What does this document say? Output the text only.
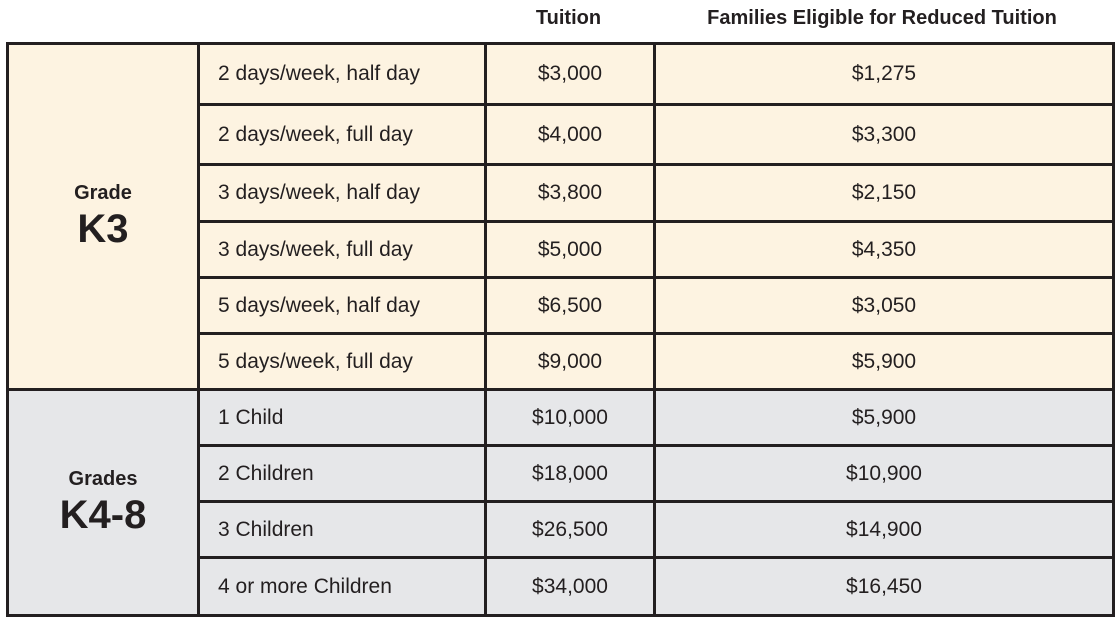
Tuition	Families Eligible for Reduced Tuition
Grade
K3	2 days/week, half day	$3,000	$1,275
	2 days/week, full day	$4,000	$3,300
	3 days/week, half day	$3,800	$2,150
	3 days/week, full day	$5,000	$4,350
	5 days/week, half day	$6,500	$3,050
	5 days/week, full day	$9,000	$5,900

Grades
K4-8	1 Child	$10,000	$5,900
	2 Children	$18,000	$10,900
	3 Children	$26,500	$14,900
	4 or more Children	$34,000	$16,450
